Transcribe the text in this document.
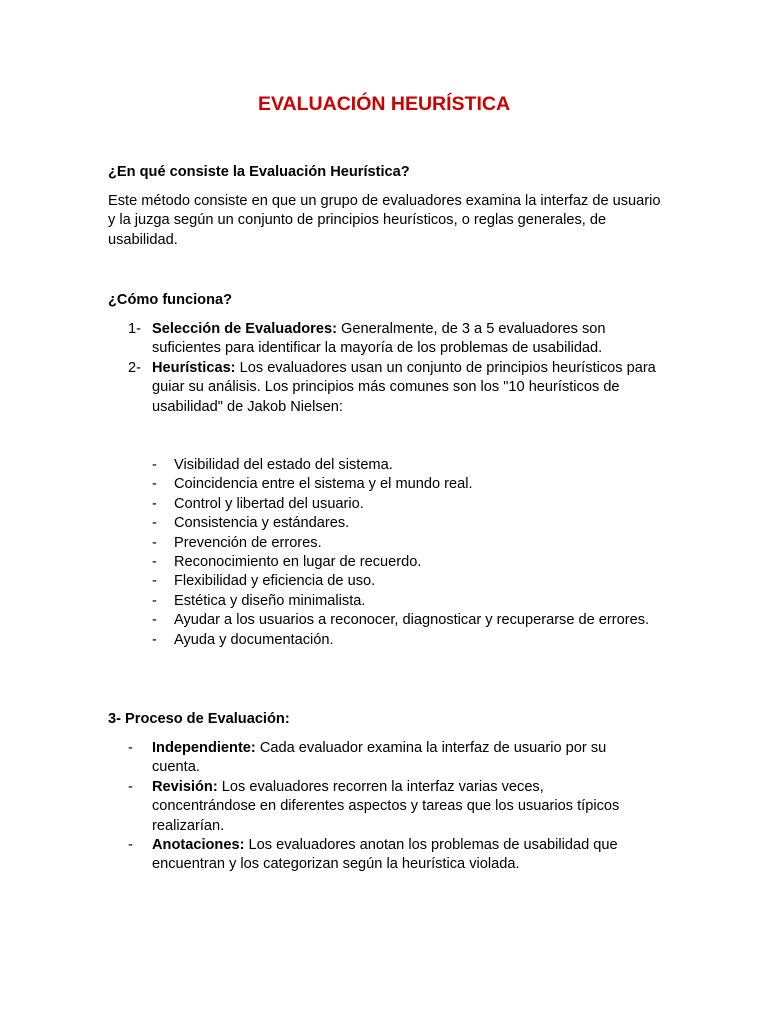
EVALUACIÓN HEURÍSTICA
¿En qué consiste la Evaluación Heurística?
Este método consiste en que un grupo de evaluadores examina la interfaz de usuario y la juzga según un conjunto de principios heurísticos, o reglas generales, de usabilidad.
¿Cómo funciona?
1- Selección de Evaluadores: Generalmente, de 3 a 5 evaluadores son suficientes para identificar la mayoría de los problemas de usabilidad.
2- Heurísticas: Los evaluadores usan un conjunto de principios heurísticos para guiar su análisis. Los principios más comunes son los "10 heurísticos de usabilidad" de Jakob Nielsen:
- Visibilidad del estado del sistema.
- Coincidencia entre el sistema y el mundo real.
- Control y libertad del usuario.
- Consistencia y estándares.
- Prevención de errores.
- Reconocimiento en lugar de recuerdo.
- Flexibilidad y eficiencia de uso.
- Estética y diseño minimalista.
- Ayudar a los usuarios a reconocer, diagnosticar y recuperarse de errores.
- Ayuda y documentación.
3- Proceso de Evaluación:
- Independiente: Cada evaluador examina la interfaz de usuario por su cuenta.
- Revisión: Los evaluadores recorren la interfaz varias veces, concentrándose en diferentes aspectos y tareas que los usuarios típicos realizarían.
- Anotaciones: Los evaluadores anotan los problemas de usabilidad que encuentran y los categorizan según la heurística violada.
